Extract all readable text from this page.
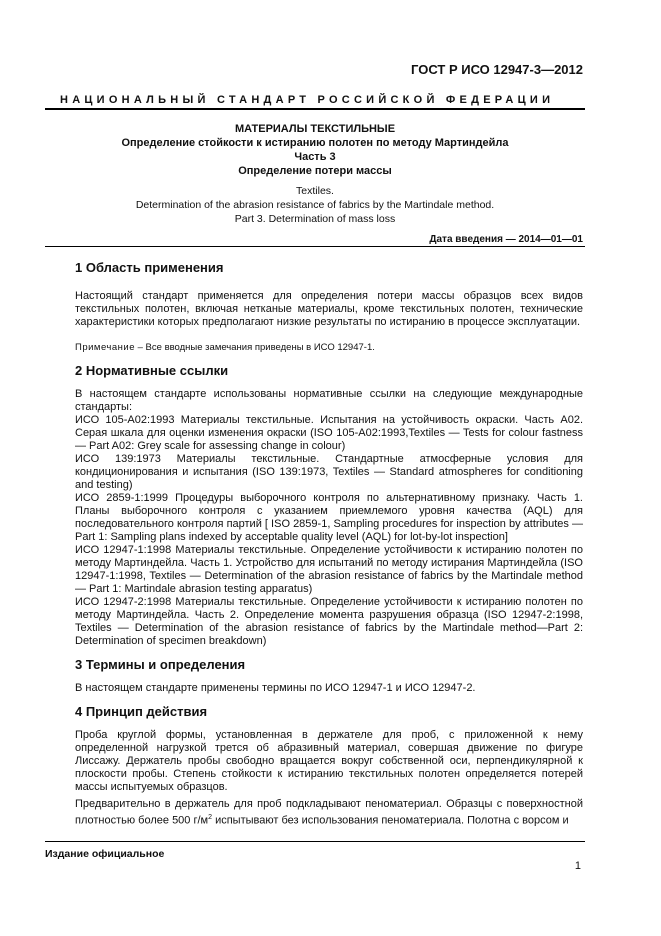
ГОСТ Р ИСО 12947-3—2012
НАЦИОНАЛЬНЫЙ СТАНДАРТ РОССИЙСКОЙ ФЕДЕРАЦИИ
МАТЕРИАЛЫ ТЕКСТИЛЬНЫЕ
Определение стойкости к истиранию полотен по методу Мартиндейла
Часть 3
Определение потери массы
Textiles.
Determination of the abrasion resistance of fabrics by the Martindale method.
Part 3. Determination of mass loss
Дата введения — 2014—01—01
1 Область применения

Настоящий стандарт применяется для определения потери массы образцов всех видов текстильных полотен, включая нетканые материалы, кроме текстильных полотен, технические характеристики которых предполагают низкие результаты по истиранию в процессе эксплуатации.

Примечание – Все вводные замечания приведены в ИСО 12947-1.

2 Нормативные ссылки

В настоящем стандарте использованы нормативные ссылки на следующие международные стандарты:

ИСО 105-A02:1993 Материалы текстильные. Испытания на устойчивость окраски. Часть A02. Серая шкала для оценки изменения окраски (ISO 105-A02:1993,Textiles — Tests for colour fastness — Part A02: Grey scale for assessing change in colour)

ИСО 139:1973 Материалы текстильные. Стандартные атмосферные условия для кондиционирования и испытания (ISO 139:1973, Textiles — Standard atmospheres for conditioning and testing)

ИСО 2859-1:1999 Процедуры выборочного контроля по альтернативному признаку. Часть 1. Планы выборочного контроля с указанием приемлемого уровня качества (AQL) для последовательного контроля партий [ ISO 2859-1, Sampling procedures for inspection by attributes — Part 1: Sampling plans indexed by acceptable quality level (AQL) for lot-by-lot inspection]

ИСО 12947-1:1998 Материалы текстильные. Определение устойчивости к истиранию полотен по методу Мартиндейла. Часть 1. Устройство для испытаний по методу истирания Мартиндейла (ISO 12947-1:1998, Textiles — Determination of the abrasion resistance of fabrics by the Martindale method — Part 1: Martindale abrasion testing apparatus)

ИСО 12947-2:1998 Материалы текстильные. Определение устойчивости к истиранию полотен по методу Мартиндейла. Часть 2. Определение момента разрушения образца (ISO 12947-2:1998, Textiles — Determination of the abrasion resistance of fabrics by the Martindale method—Part 2: Determination of specimen breakdown)

3 Термины и определения

В настоящем стандарте применены термины по ИСО 12947-1 и ИСО 12947-2.

4 Принцип действия

Проба круглой формы, установленная в держателе для проб, с приложенной к нему определенной нагрузкой трется об абразивный материал, совершая движение по фигуре Лиссажу. Держатель пробы свободно вращается вокруг собственной оси, перпендикулярной к плоскости пробы. Степень стойкости к истиранию текстильных полотен определяется потерей массы испытуемых образцов.

Предварительно в держатель для проб подкладывают пеноматериал. Образцы с поверхностной плотностью более 500 $г/м^2$ испытывают без использования пеноматериала. Полотна с ворсом и

Издание официальное
1
